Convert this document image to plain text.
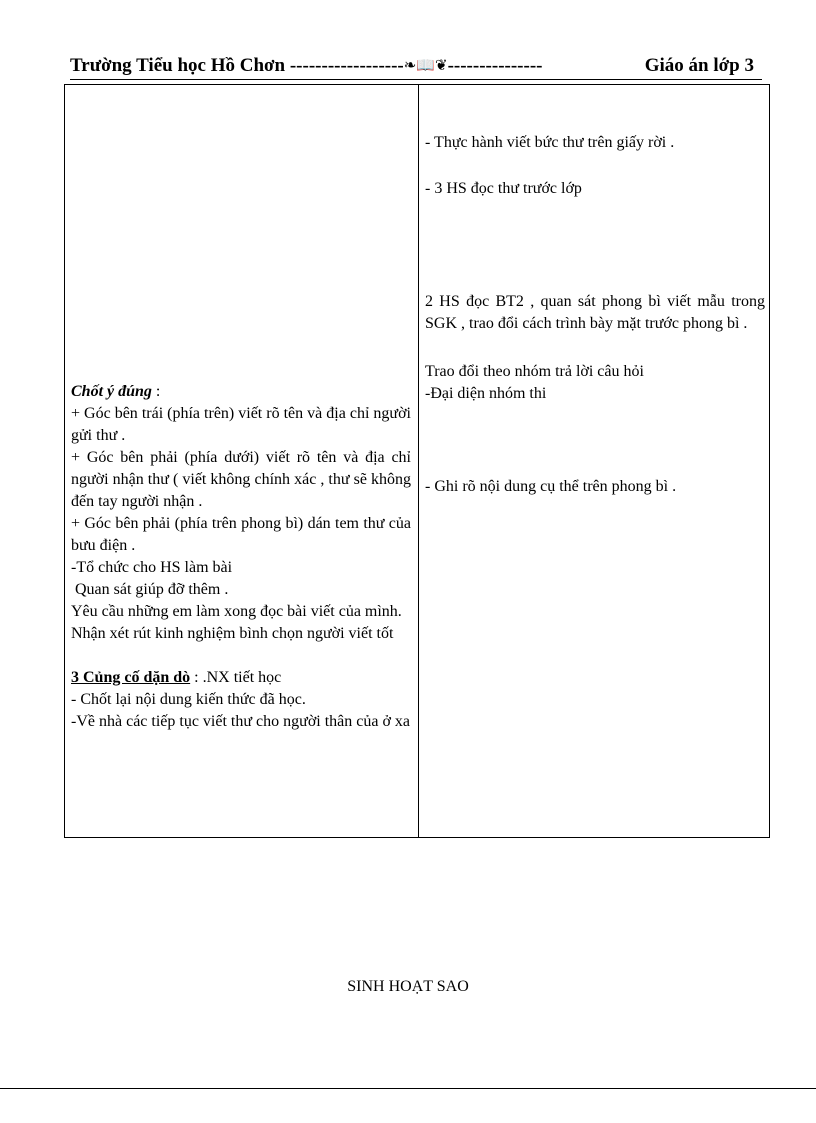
Trường Tiểu học Hồ Chơn ------------------❧📖❦---------------	Giáo án lớp 3

Chốt ý đúng :

+ Góc bên trái (phía trên) viết rõ tên và địa chỉ người gửi thư .

+ Góc bên phải (phía dưới) viết rõ tên và địa chỉ người nhận thư ( viết không chính xác , thư sẽ không đến tay người nhận .

+ Góc bên phải (phía trên phong bì) dán tem thư của bưu điện .

-Tổ chức cho HS làm bài

Quan sát giúp đỡ thêm .

Yêu cầu những em làm xong đọc bài viết của mình.

Nhận xét rút kinh nghiệm bình chọn người viết tốt

3 Củng cố dặn dò : .NX tiết học

- Chốt lại nội dung kiến thức đã học.

-Về nhà các tiếp tục viết thư cho người thân của ở xa

- Thực hành viết bức thư trên giấy rời .

- 3 HS đọc thư trước lớp

2 HS đọc BT2 , quan sát phong bì viết mẫu trong SGK , trao đổi cách trình bày mặt trước phong bì .

Trao đổi theo nhóm trả lời câu hỏi

-Đại diện nhóm thi

- Ghi rõ nội dung cụ thể trên phong bì .

SINH HOẠT SAO
